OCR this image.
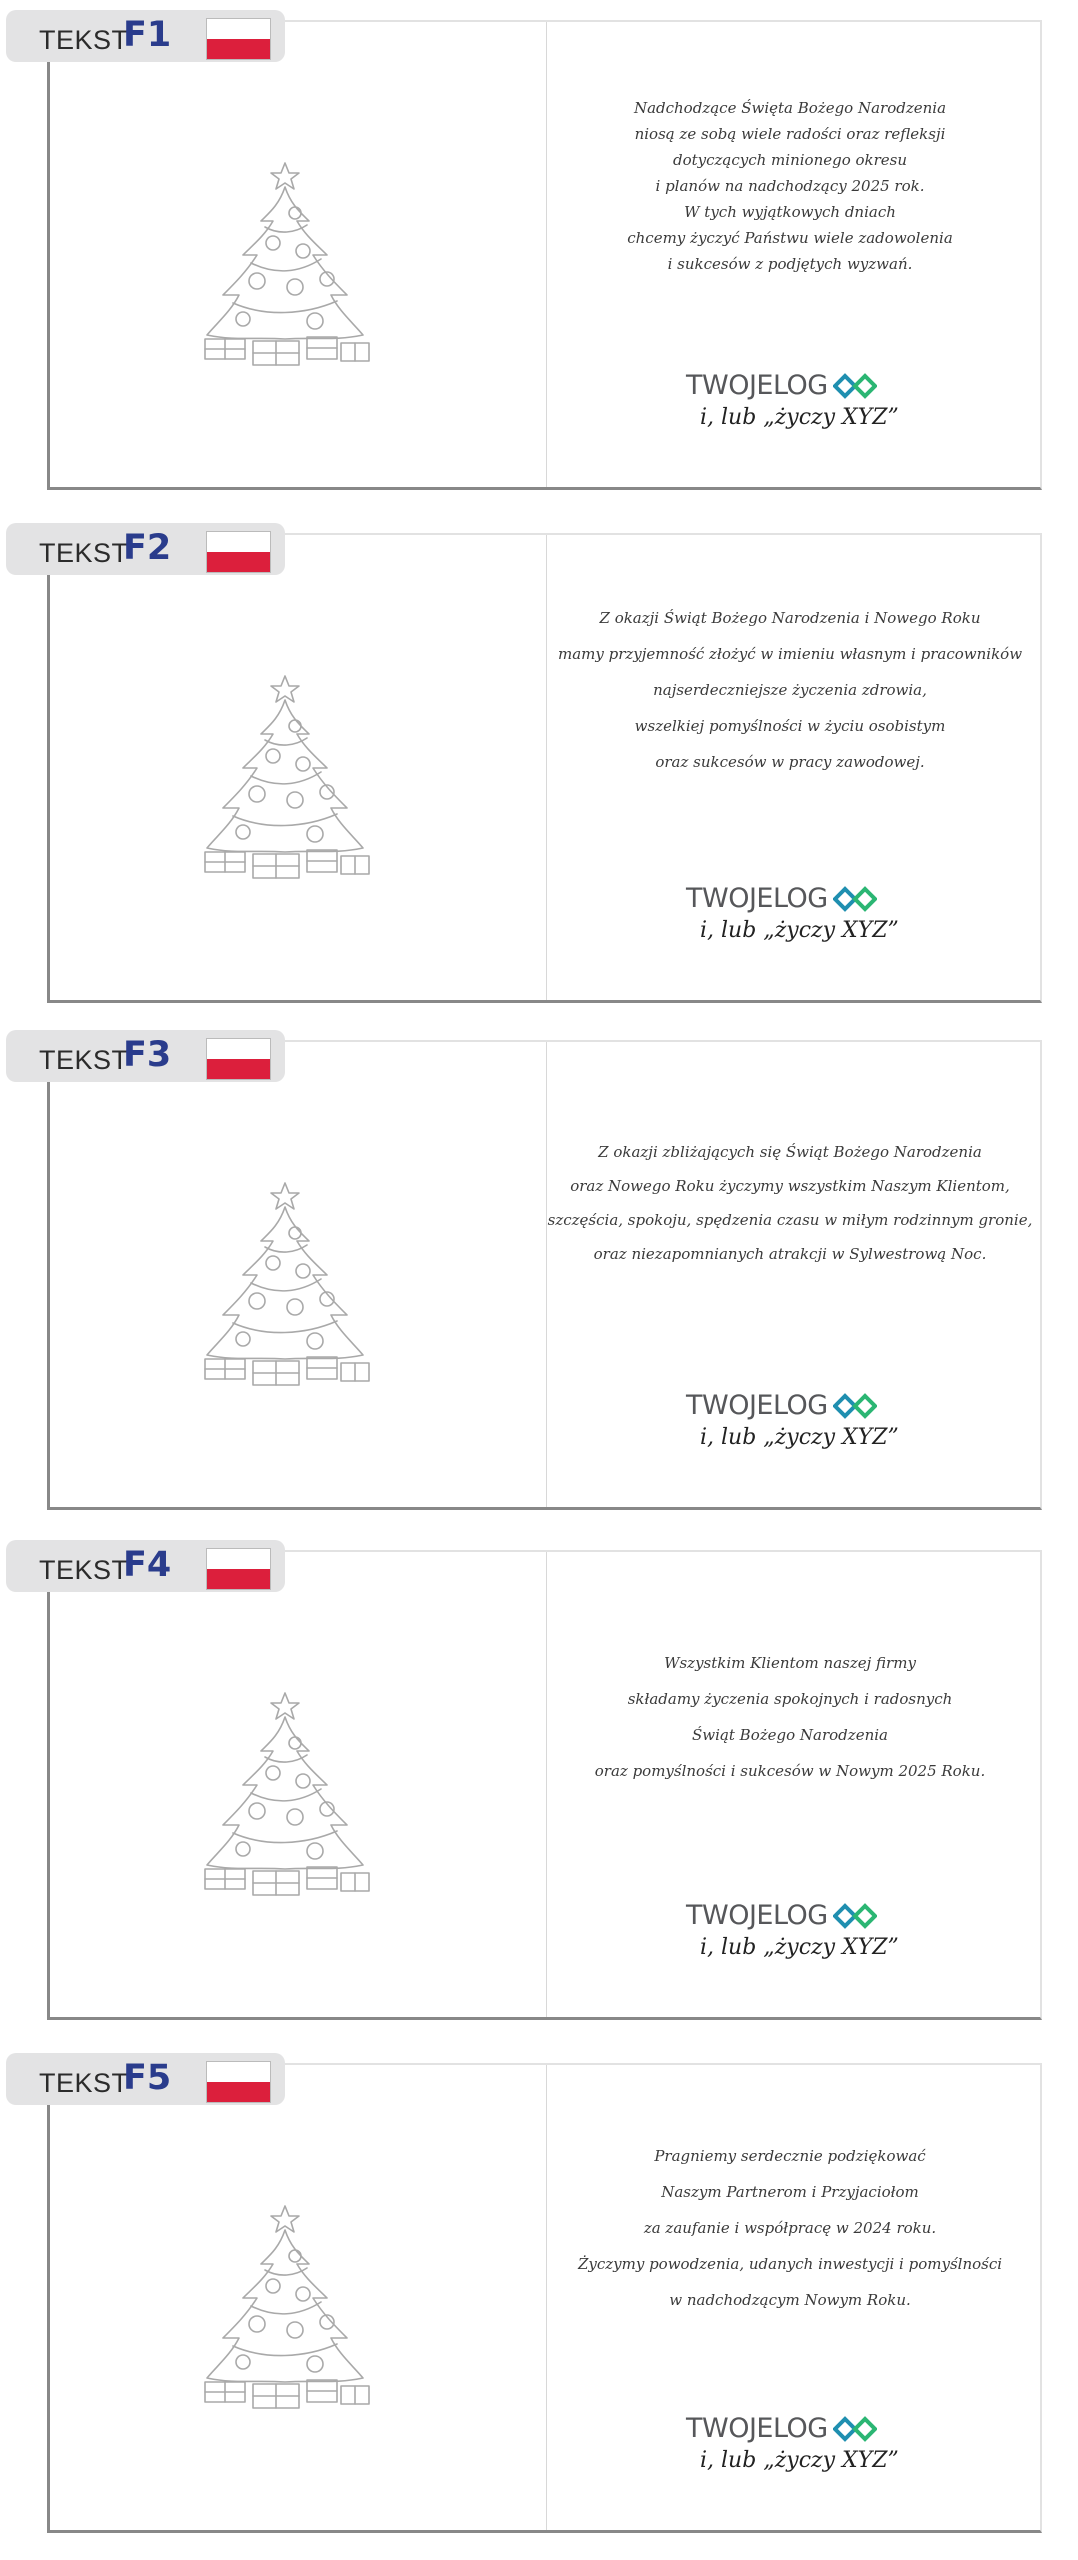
TEKST
F1
Nadchodzące Święta Bożego Narodzenia
niosą ze sobą wiele radości oraz refleksji
dotyczących minionego okresu
i planów na nadchodzący 2025 rok.
W tych wyjątkowych dniach
chcemy życzyć Państwu wiele zadowolenia
i sukcesów z podjętych wyzwań.
TWOJELOG
i, lub „życzy XYZ”
TEKST
F2
Z okazji Świąt Bożego Narodzenia i Nowego Roku
mamy przyjemność złożyć w imieniu własnym i pracowników
najserdeczniejsze życzenia zdrowia,
wszelkiej pomyślności w życiu osobistym
oraz sukcesów w pracy zawodowej.
TWOJELOG
i, lub „życzy XYZ”
TEKST
F3
Z okazji zbliżających się Świąt Bożego Narodzenia
oraz Nowego Roku życzymy wszystkim Naszym Klientom,
szczęścia, spokoju, spędzenia czasu w miłym rodzinnym gronie,
oraz niezapomnianych atrakcji w Sylwestrową Noc.
TWOJELOG
i, lub „życzy XYZ”
TEKST
F4
Wszystkim Klientom naszej firmy
składamy życzenia spokojnych i radosnych
Świąt Bożego Narodzenia
oraz pomyślności i sukcesów w Nowym 2025 Roku.
TWOJELOG
i, lub „życzy XYZ”
TEKST
F5
Pragniemy serdecznie podziękować
Naszym Partnerom i Przyjaciołom
za zaufanie i współpracę w 2024 roku.
Życzymy powodzenia, udanych inwestycji i pomyślności
w nadchodzącym Nowym Roku.
TWOJELOG
i, lub „życzy XYZ”
